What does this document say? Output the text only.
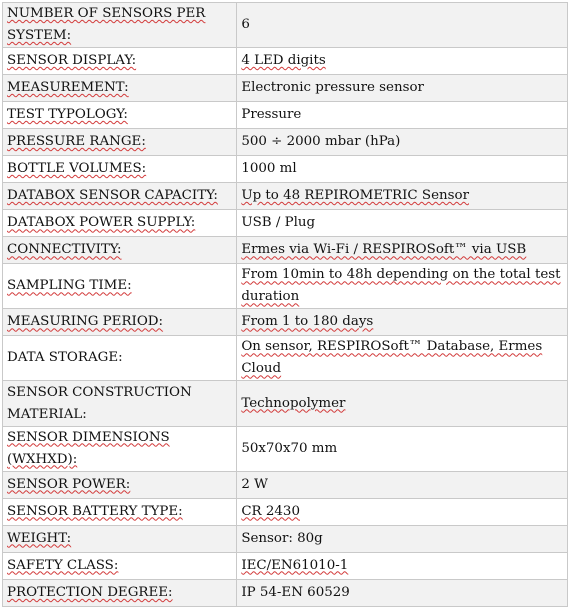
NUMBER OF SENSORS PER SYSTEM:	6
SENSOR DISPLAY:	4 LED digits
MEASUREMENT:	Electronic pressure sensor
TEST TYPOLOGY:	Pressure
PRESSURE RANGE:	500 ÷ 2000 mbar (hPa)
BOTTLE VOLUMES:	1000 ml
DATABOX SENSOR CAPACITY:	Up to 48 REPIROMETRIC Sensor
DATABOX POWER SUPPLY:	USB / Plug
CONNECTIVITY:	Ermes via Wi-Fi / RESPIROSoft™ via USB
SAMPLING TIME:	From 10min to 48h depending on the total test duration
MEASURING PERIOD:	From 1 to 180 days
DATA STORAGE:	On sensor, RESPIROSoft™ Database, Ermes Cloud
SENSOR CONSTRUCTION MATERIAL:	Technopolymer
SENSOR DIMENSIONS (WXHXD):	50x70x70 mm
SENSOR POWER:	2 W
SENSOR BATTERY TYPE:	CR 2430
WEIGHT:	Sensor: 80g
SAFETY CLASS:	IEC/EN61010-1
PROTECTION DEGREE:	IP 54-EN 60529
